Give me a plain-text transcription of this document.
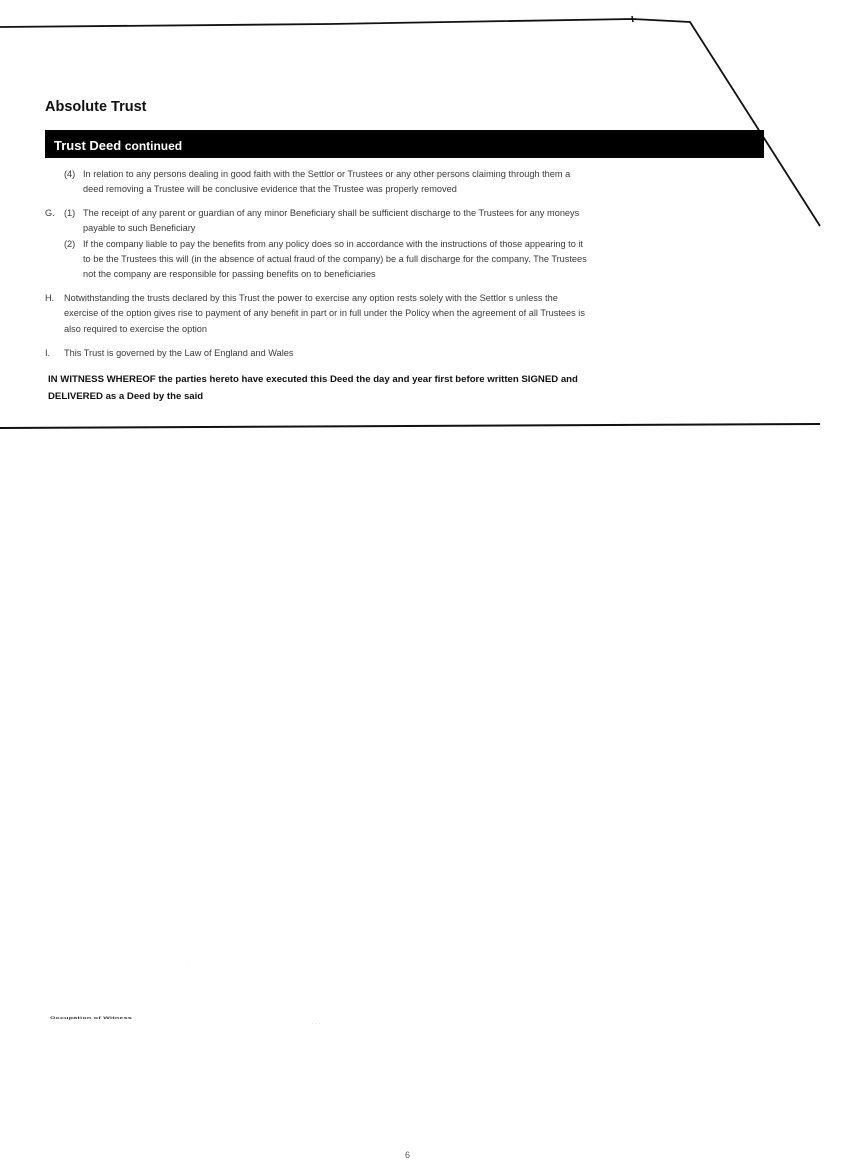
Absolute Trust
Trust Deed continued
(4) In relation to any persons dealing in good faith with the Settlor or Trustees or any other persons claiming through them a
deed removing a Trustee will be conclusive evidence that the Trustee was properly removed
G. (1) The receipt of any parent or guardian of any minor Beneficiary shall be sufficient discharge to the Trustees for any moneys
payable to such Beneficiary
(2) If the company liable to pay the benefits from any policy does so in accordance with the instructions of those appearing to it
to be the Trustees this will (in the absence of actual fraud of the company) be a full discharge for the company. The Trustees
not the company are responsible for passing benefits on to beneficiaries
H. Notwithstanding the trusts declared by this Trust the power to exercise any option rests solely with the Settlor s unless the
exercise of the option gives rise to payment of any benefit in part or in full under the Policy when the agreement of all Trustees is
also required to exercise the option
I. This Trust is governed by the Law of England and Wales
IN WITNESS WHEREOF the parties hereto have executed this Deed the day and year first before written SIGNED and
DELIVERED as a Deed by the said
·
Occupation of Witness
. . .
6
